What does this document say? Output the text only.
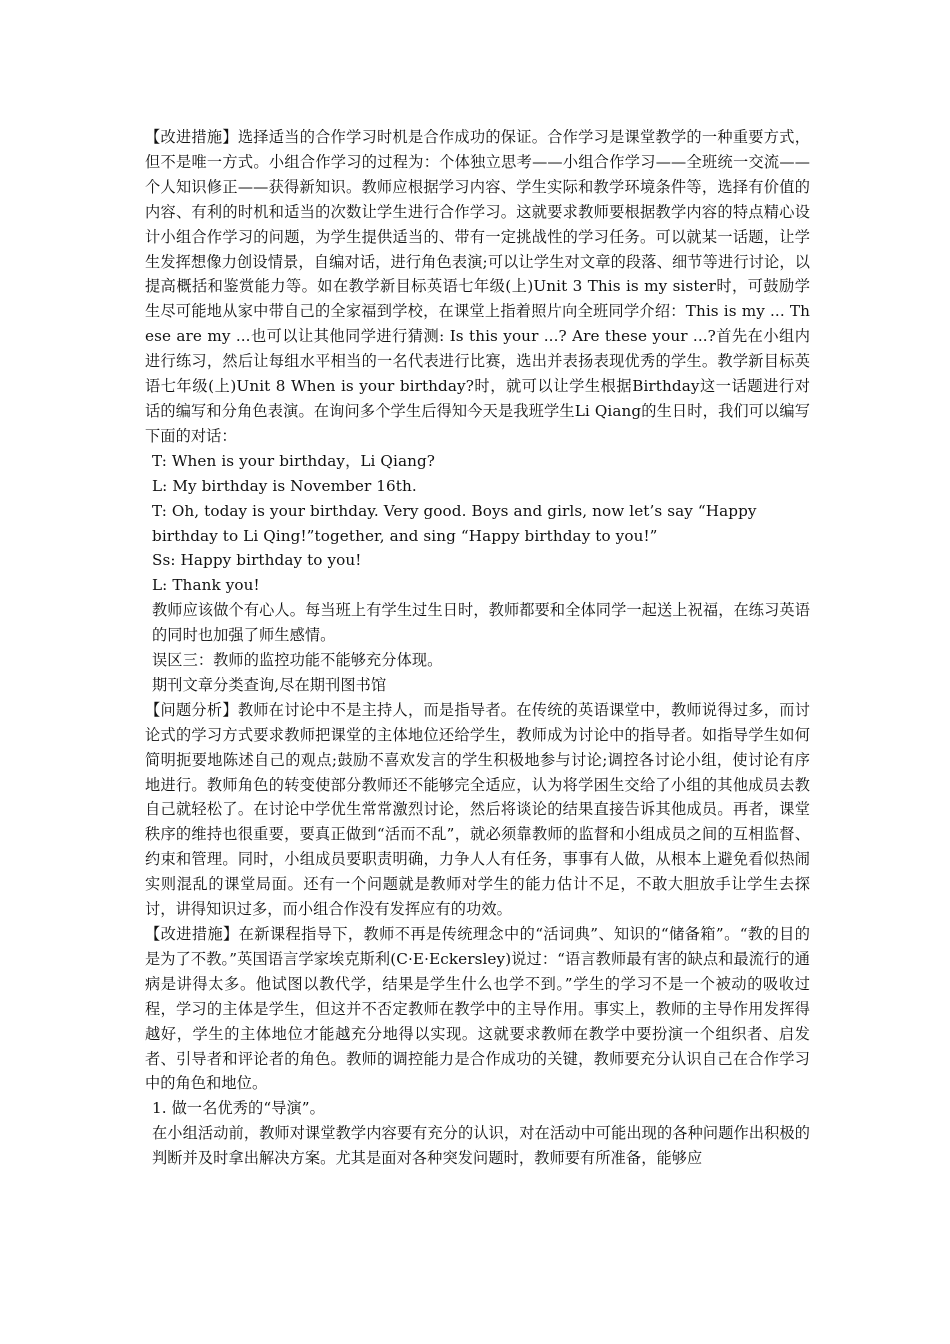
【改进措施】选择适当的合作学习时机是合作成功的保证。合作学习是课堂教学的一种重要方式，但不是唯一方式。小组合作学习的过程为：个体独立思考——小组合作学习——全班统一交流——个人知识修正——获得新知识。教师应根据学习内容、学生实际和教学环境条件等，选择有价值的内容、有利的时机和适当的次数让学生进行合作学习。这就要求教师要根据教学内容的特点精心设计小组合作学习的问题，为学生提供适当的、带有一定挑战性的学习任务。可以就某一话题，让学生发挥想像力创设情景，自编对话，进行角色表演;可以让学生对文章的段落、细节等进行讨论，以提高概括和鉴赏能力等。如在教学新目标英语七年级(上)Unit 3 This is my sister时，可鼓励学生尽可能地从家中带自己的全家福到学校，在课堂上指着照片向全班同学介绍：This is my ... These are my ...也可以让其他同学进行猜测: Is this your ...? Are these your ...?首先在小组内进行练习，然后让每组水平相当的一名代表进行比赛，选出并表扬表现优秀的学生。教学新目标英语七年级(上)Unit 8 When is your birthday?时，就可以让学生根据Birthday这一话题进行对话的编写和分角色表演。在询问多个学生后得知今天是我班学生Li Qiang的生日时，我们可以编写下面的对话：

T: When is your birthday，Li Qiang?

L: My birthday is November 16th.

T: Oh, today is your birthday. Very good. Boys and girls, now let’s say “Happy birthday to Li Qing!”together, and sing “Happy birthday to you!”

Ss: Happy birthday to you!

L: Thank you!

教师应该做个有心人。每当班上有学生过生日时，教师都要和全体同学一起送上祝福，在练习英语的同时也加强了师生感情。

误区三：教师的监控功能不能够充分体现。

期刊文章分类查询,尽在期刊图书馆

【问题分析】教师在讨论中不是主持人，而是指导者。在传统的英语课堂中，教师说得过多，而讨论式的学习方式要求教师把课堂的主体地位还给学生，教师成为讨论中的指导者。如指导学生如何简明扼要地陈述自己的观点;鼓励不喜欢发言的学生积极地参与讨论;调控各讨论小组，使讨论有序地进行。教师角色的转变使部分教师还不能够完全适应，认为将学困生交给了小组的其他成员去教自己就轻松了。在讨论中学优生常常激烈讨论，然后将谈论的结果直接告诉其他成员。再者，课堂秩序的维持也很重要，要真正做到“活而不乱”，就必须靠教师的监督和小组成员之间的互相监督、约束和管理。同时，小组成员要职责明确，力争人人有任务，事事有人做，从根本上避免看似热闹实则混乱的课堂局面。还有一个问题就是教师对学生的能力估计不足，不敢大胆放手让学生去探讨，讲得知识过多，而小组合作没有发挥应有的功效。

【改进措施】在新课程指导下，教师不再是传统理念中的“活词典”、知识的“储备箱”。“教的目的是为了不教。”英国语言学家埃克斯利(C·E·Eckersley)说过：“语言教师最有害的缺点和最流行的通病是讲得太多。他试图以教代学，结果是学生什么也学不到。”学生的学习不是一个被动的吸收过程，学习的主体是学生，但这并不否定教师在教学中的主导作用。事实上，教师的主导作用发挥得越好，学生的主体地位才能越充分地得以实现。这就要求教师在教学中要扮演一个组织者、启发者、引导者和评论者的角色。教师的调控能力是合作成功的关键，教师要充分认识自己在合作学习中的角色和地位。

1. 做一名优秀的“导演”。

在小组活动前，教师对课堂教学内容要有充分的认识，对在活动中可能出现的各种问题作出积极的判断并及时拿出解决方案。尤其是面对各种突发问题时，教师要有所准备，能够应
